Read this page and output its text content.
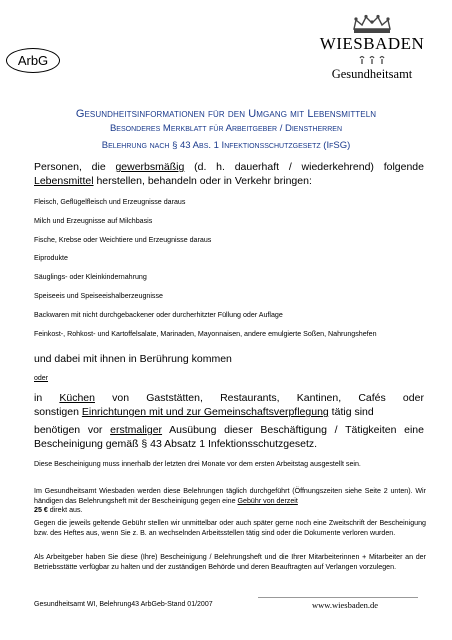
ArbG
WIESBADEN
Gesundheitsamt
Gesundheitsinformationen für den Umgang mit Lebensmitteln
Besonderes Merkblatt für Arbeitgeber / Dienstherren
Belehrung nach § 43 Abs. 1 Infektionsschutzgesetz (IfSG)
Personen, die gewerbsmäßig (d. h. dauerhaft / wiederkehrend) folgende Lebensmittel herstellen, behandeln oder in Verkehr bringen:
Fleisch, Geflügelfleisch und Erzeugnisse daraus
Milch und Erzeugnisse auf Milchbasis
Fische, Krebse oder Weichtiere und Erzeugnisse daraus
Eiprodukte
Säuglings- oder Kleinkindernahrung
Speiseeis und Speiseeishalberzeugnisse
Backwaren mit nicht durchgebackener oder durcherhitzter Füllung oder Auflage
Feinkost-, Rohkost- und Kartoffelsalate, Marinaden, Mayonnaisen, andere emulgierte Soßen, Nahrungshefen
und dabei mit ihnen in Berührung kommen
oder
in Küchen von Gaststätten, Restaurants, Kantinen, Cafés oder
sonstigen Einrichtungen mit und zur Gemeinschaftsverpflegung tätig sind
benötigen vor erstmaliger Ausübung dieser Beschäftigung / Tätigkeiten eine Bescheinigung gemäß § 43 Absatz 1 Infektionsschutzgesetz.
Diese Bescheinigung muss innerhalb der letzten drei Monate vor dem ersten Arbeitstag ausgestellt sein.
Im Gesundheitsamt Wiesbaden werden diese Belehrungen täglich durchgeführt (Öffnungszeiten siehe Seite 2 unten). Wir händigen das Belehrungsheft mit der Bescheinigung gegen eine Gebühr von derzeit
25 € direkt aus.
Gegen die jeweils geltende Gebühr stellen wir unmittelbar oder auch später gerne noch eine Zweitschrift der Bescheinigung bzw. des Heftes aus, wenn Sie z. B. an wechselnden Arbeitsstellen tätig sind oder die Dokumente verloren wurden.
Als Arbeitgeber haben Sie diese (Ihre) Bescheinigung / Belehrungsheft und die Ihrer Mitarbeiterinnen + Mitarbeiter an der Betriebsstätte verfügbar zu halten und der zuständigen Behörde und deren Beauftragten auf Verlangen vorzulegen.
Gesundheitsamt WI, Belehrung43 ArbGeb-Stand 01/2007	www.wiesbaden.de
